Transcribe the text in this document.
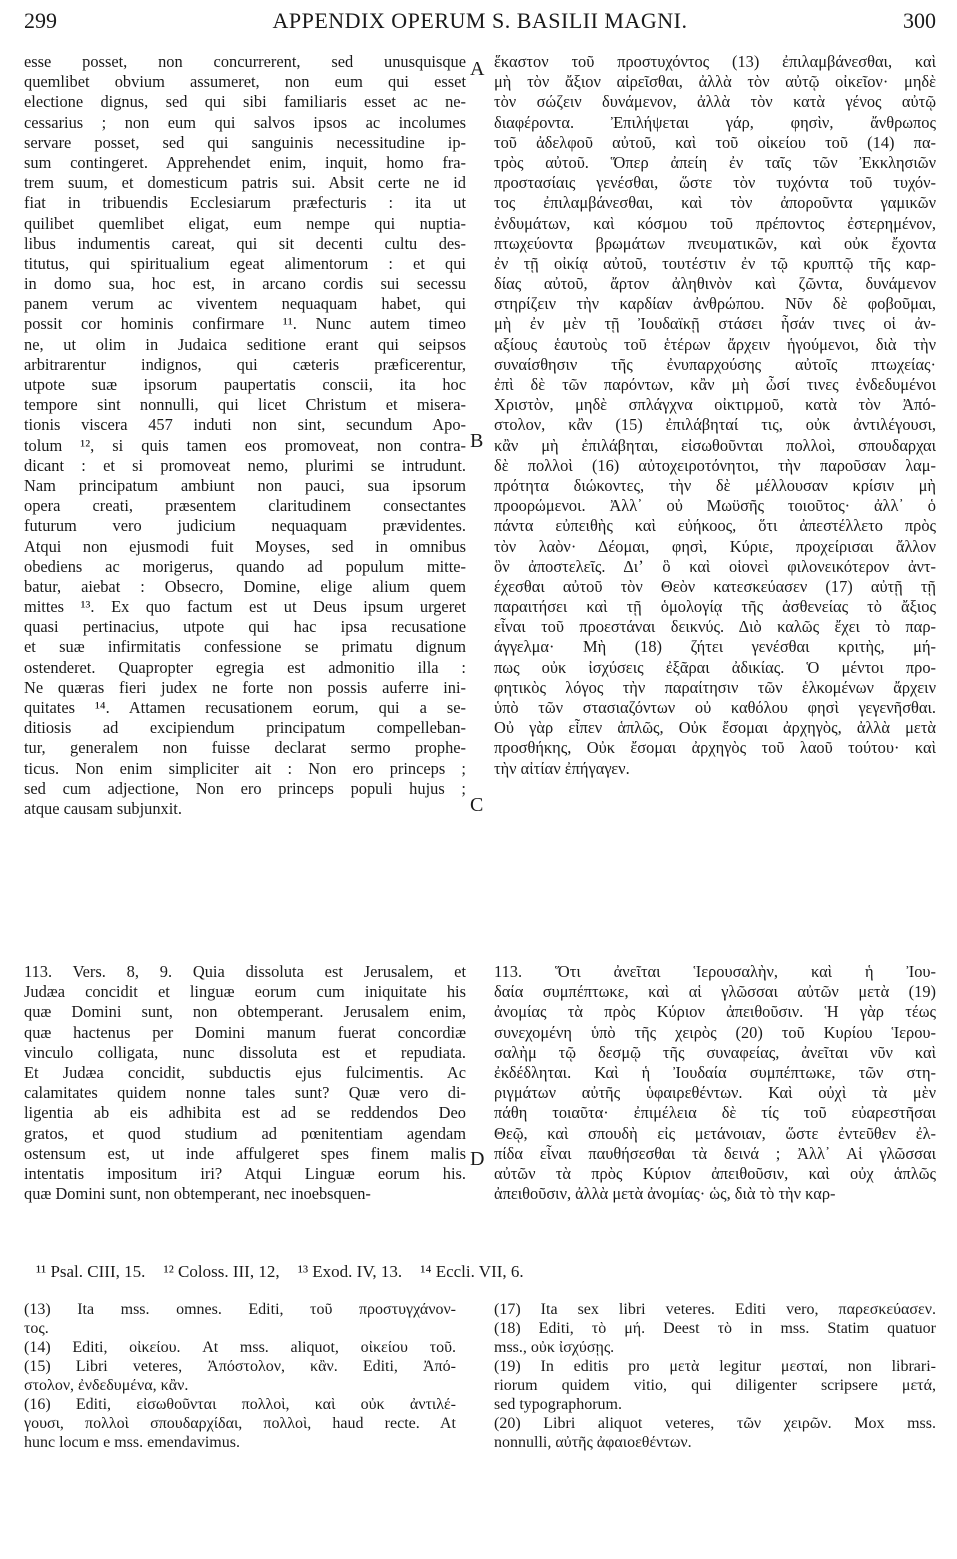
299	APPENDIX OPERUM S. BASILII MAGNI.	300
esse posset, non concurrerent, sed unusquisque
quemlibet obvium assumeret, non eum qui esset
electione dignus, sed qui sibi familiaris esset ac ne-
cessarius ; non eum qui salvos ipsos ac incolumes
servare posset, sed qui sanguinis necessitudine ip-
sum contingeret. Apprehendet enim, inquit, homo fra-
trem suum, et domesticum patris sui. Absit certe ne id
fiat in tribuendis Ecclesiarum præfecturis : ita ut
quilibet quemlibet eligat, eum nempe qui nuptia-
libus indumentis careat, qui sit decenti cultu des-
titutus, qui spiritualium egeat alimentorum : et qui
in domo sua, hoc est, in arcano cordis sui secessu
panem verum ac viventem nequaquam habet, qui
possit cor hominis confirmare ¹¹. Nunc autem timeo
ne, ut olim in Judaica seditione erant qui seipsos
arbitrarentur indignos, qui cæteris præficerentur,
utpote suæ ipsorum paupertatis conscii, ita hoc
tempore sint nonnulli, qui licet Christum et misera-
tionis viscera 457 induti non sint, secundum Apo-
tolum ¹², si quis tamen eos promoveat, non contra-
dicant : et si promoveat nemo, plurimi se intrudunt.
Nam principatum ambiunt non pauci, sua ipsorum
opera creati, præsentem claritudinem consectantes
futurum vero judicium nequaquam prævidentes.
Atqui non ejusmodi fuit Moyses, sed in omnibus
obediens ac morigerus, quando ad populum mitte-
batur, aiebat : Obsecro, Domine, elige alium quem
mittes ¹³. Ex quo factum est ut Deus ipsum urgeret
quasi pertinacius, utpote qui hac ipsa recusatione
et suæ infirmitatis confessione se primatu dignum
ostenderet. Quapropter egregia est admonitio illa :
Ne quæras fieri judex ne forte non possis auferre ini-
quitates ¹⁴. Attamen recusationem eorum, qui a se-
ditiosis ad excipiendum principatum compelleban-
tur, generalem non fuisse declarat sermo prophe-
ticus. Non enim simpliciter ait : Non ero princeps ;
sed cum adjectione, Non ero princeps populi hujus ;
atque causam subjunxit.
ἕκαστον τοῦ προστυχόντος (13) ἐπιλαμβάνεσθαι, καὶ
μὴ τὸν ἄξιον αἱρεῖσθαι, ἀλλὰ τὸν αὐτῷ οἰκεῖον· μηδὲ
τὸν σώζειν δυνάμενον, ἀλλὰ τὸν κατὰ γένος αὐτῷ
διαφέροντα. Ἐπιλήψεται γάρ, φησὶν, ἄνθρωπος
τοῦ ἀδελφοῦ αὐτοῦ, καὶ τοῦ οἰκείου τοῦ (14) πα-
τρὸς αὐτοῦ. Ὅπερ ἀπείη ἐν ταῖς τῶν Ἐκκλησιῶν
προστασίαις γενέσθαι, ὥστε τὸν τυχόντα τοῦ τυχόν-
τος ἐπιλαμβάνεσθαι, καὶ τὸν ἀποροῦντα γαμικῶν
ἐνδυμάτων, καὶ κόσμου τοῦ πρέποντος ἐστερημένον,
πτωχεύοντα βρωμάτων πνευματικῶν, καὶ οὐκ ἔχοντα
ἐν τῇ οἰκίᾳ αὐτοῦ, τουτέστιν ἐν τῷ κρυπτῷ τῆς καρ-
δίας αὐτοῦ, ἄρτον ἀληθινὸν καὶ ζῶντα, δυνάμενον
στηρίζειν τὴν καρδίαν ἀνθρώπου. Νῦν δὲ φοβοῦμαι,
μὴ ἐν μὲν τῇ Ἰουδαϊκῇ στάσει ἦσάν τινες οἱ ἀν-
αξίους ἑαυτοὺς τοῦ ἑτέρων ἄρχειν ἡγούμενοι, διὰ τὴν
συναίσθησιν τῆς ἐνυπαρχούσης αὐτοῖς πτωχείας·
ἐπὶ δὲ τῶν παρόντων, κἂν μὴ ὦσί τινες ἐνδεδυμένοι
Χριστὸν, μηδὲ σπλάγχνα οἰκτιρμοῦ, κατὰ τὸν Ἀπό-
στολον, κἂν (15) ἐπιλάβηταί τις, οὐκ ἀντιλέγουσι,
κἂν μὴ ἐπιλάβηται, εἰσωθοῦνται πολλοὶ, σπουδαρχαι
δὲ πολλοὶ (16) αὐτοχειροτόνητοι, τὴν παροῦσαν λαμ-
πρότητα διώκοντες, τὴν δὲ μέλλουσαν κρίσιν μὴ
προορώμενοι. Ἀλλ᾽ οὐ Μωϋσῆς τοιοῦτος· ἀλλ᾽ ὁ
πάντα εὐπειθὴς καὶ εὐήκοος, ὅτι ἀπεστέλλετο πρὸς
τὸν λαὸν· Δέομαι, φησὶ, Κύριε, προχείρισαι ἄλλον
ὃν ἀποστελεῖς. Διʼ ὃ καὶ οἱονεὶ φιλονεικότερον ἀντ-
έχεσθαι αὐτοῦ τὸν Θεὸν κατεσκεύασεν (17) αὐτῇ τῇ
παραιτήσει καὶ τῇ ὁμολογίᾳ τῆς ἀσθενείας τὸ ἄξιος
εἶναι τοῦ προεστάναι δεικνύς. Διὸ καλῶς ἔχει τὸ παρ-
άγγελμα· Μὴ (18) ζήτει γενέσθαι κριτὴς, μή-
πως οὐκ ἰσχύσεις ἐξᾶραι ἀδικίας. Ὁ μέντοι προ-
φητικὸς λόγος τὴν παραίτησιν τῶν ἑλκομένων ἄρχειν
ὑπὸ τῶν στασιαζόντων οὐ καθόλου φησὶ γεγενῆσθαι.
Οὐ γὰρ εἶπεν ἁπλῶς, Οὐκ ἔσομαι ἀρχηγὸς, ἀλλὰ μετὰ
προσθήκης, Οὐκ ἔσομαι ἀρχηγὸς τοῦ λαοῦ τούτου· καὶ
τὴν αἰτίαν ἐπήγαγεν.
113. Vers. 8, 9. Quia dissoluta est Jerusalem, et
Judæa concidit et linguæ eorum cum iniquitate his
quæ Domini sunt, non obtemperant. Jerusalem enim,
quæ hactenus per Domini manum fuerat concordiæ
vinculo colligata, nunc dissoluta est et repudiata.
Et Judæa concidit, subductis ejus fulcimentis. Ac
calamitates quidem nonne tales sunt? Quæ vero di-
ligentia ab eis adhibita est ad se reddendos Deo
gratos, et quod studium ad pœnitentiam agendam
ostensum est, ut inde affulgeret spes finem malis
intentatis impositum iri? Atqui Linguæ eorum his.
quæ Domini sunt, non obtemperant, nec inoebsquen-
113. Ὅτι ἀνεῖται Ἱερουσαλὴν, καὶ ἡ Ἰου-
δαία συμπέπτωκε, καὶ αἱ γλῶσσαι αὐτῶν μετὰ (19)
ἀνομίας τὰ πρὸς Κύριον ἀπειθοῦσιν. Ἡ γὰρ τέως
συνεχομένη ὑπὸ τῆς χειρὸς (20) τοῦ Κυρίου Ἱερου-
σαλὴμ τῷ δεσμῷ τῆς συναφείας, ἀνεῖται νῦν καὶ
ἐκδέδληται. Καὶ ἡ Ἰουδαία συμπέπτωκε, τῶν στη-
ριγμάτων αὐτῆς ὑφαιρεθέντων. Καὶ οὐχὶ τὰ μὲν
πάθη τοιαῦτα· ἐπιμέλεια δὲ τίς τοῦ εὐαρεστῆσαι
Θεῷ, καὶ σπουδὴ εἰς μετάνοιαν, ὥστε ἐντεῦθεν ἐλ-
πίδα εἶναι παυθήσεσθαι τὰ δεινά ; Ἀλλ᾽ Αἱ γλῶσσαι
αὐτῶν τὰ πρὸς Κύριον ἀπειθοῦσιν, καὶ οὐχ ἁπλῶς
ἀπειθοῦσιν, ἀλλὰ μετὰ ἀνομίας· ὡς, διὰ τὸ τὴν καρ-
A
B
C
D
¹¹ Psal. CIII, 15. ¹² Coloss. III, 12, ¹³ Exod. IV, 13. ¹⁴ Eccli. VII, 6.
(13) Ita mss. omnes. Editi, τοῦ προστυγχάνον-
τος.
(14) Editi, οἰκείου. At mss. aliquot, οἰκείου τοῦ.
(15) Libri veteres, Ἀπόστολον, κἂν. Editi, Ἀπό-
στολον, ἐνδεδυμένα, κἂν.
(16) Editi, εἰσωθοῦνται πολλοὶ, καὶ οὐκ ἀντιλέ-
γουσι, πολλοὶ σπουδαρχίδαι, πολλοὶ, haud recte. At
hunc locum e mss. emendavimus.
(17) Ita sex libri veteres. Editi vero, παρεσκεύασεν.
(18) Editi, τὸ μή. Deest τὸ in mss. Statim quatuor
mss., οὐκ ἰσχύσῃς.
(19) In editis pro μετὰ legitur μεσταί, non librari-
riorum quidem vitio, qui diligenter scripsere μετά,
sed typographorum.
(20) Libri aliquot veteres, τῶν χειρῶν. Mox mss.
nonnulli, αὐτῆς ἀφαιοεθέντων.
